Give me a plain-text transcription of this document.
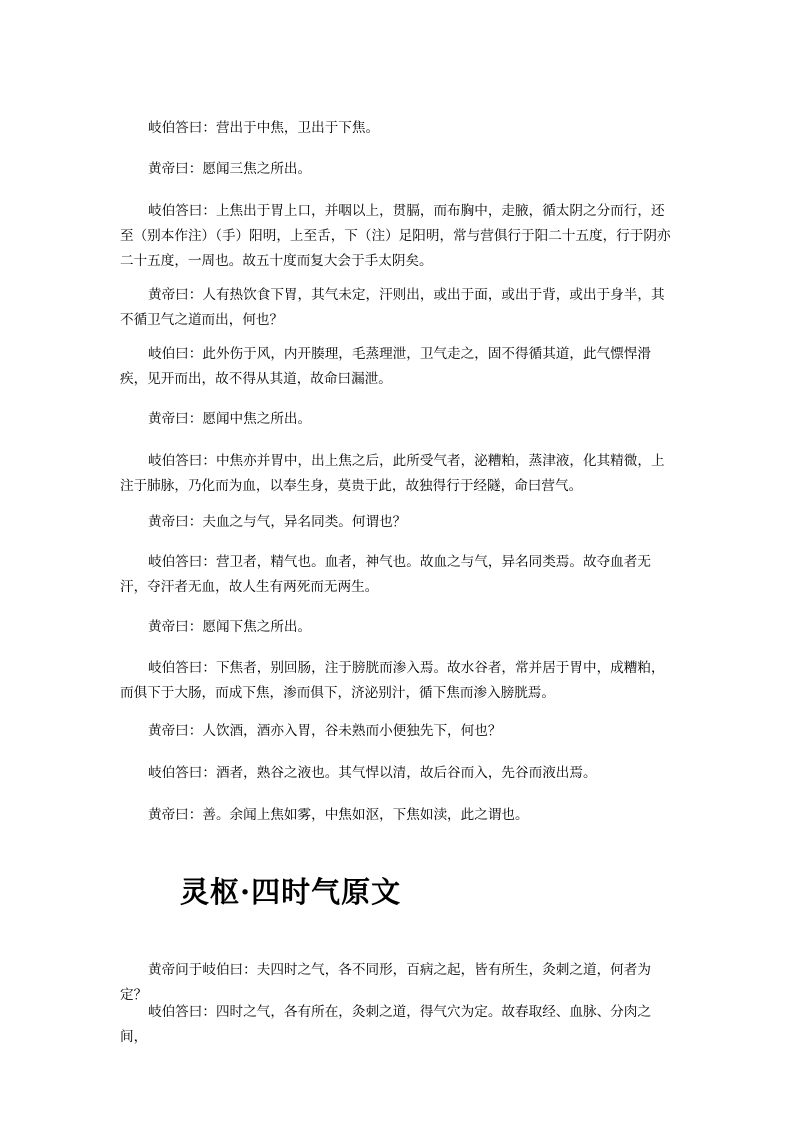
岐伯答曰：营出于中焦，卫出于下焦。

黄帝曰：愿闻三焦之所出。

岐伯答曰：上焦出于胃上口，并咽以上，贯膈，而布胸中，走腋，循太阴之分而行，还至（别本作注）（手）阳明，上至舌，下（注）足阳明，常与营俱行于阳二十五度，行于阴亦二十五度，一周也。故五十度而复大会于手太阴矣。

黄帝曰：人有热饮食下胃，其气未定，汗则出，或出于面，或出于背，或出于身半，其不循卫气之道而出，何也？

岐伯曰：此外伤于风，内开腠理，毛蒸理泄，卫气走之，固不得循其道，此气慓悍滑疾，见开而出，故不得从其道，故命曰漏泄。

黄帝曰：愿闻中焦之所出。

岐伯答曰：中焦亦并胃中，出上焦之后，此所受气者，泌糟粕，蒸津液，化其精微，上注于肺脉，乃化而为血，以奉生身，莫贵于此，故独得行于经隧，命曰营气。

黄帝曰：夫血之与气，异名同类。何谓也？

岐伯答曰：营卫者，精气也。血者，神气也。故血之与气，异名同类焉。故夺血者无汗，夺汗者无血，故人生有两死而无两生。

黄帝曰：愿闻下焦之所出。

岐伯答曰：下焦者，别回肠，注于膀胱而渗入焉。故水谷者，常并居于胃中，成糟粕，而俱下于大肠，而成下焦，渗而俱下，济泌别汁，循下焦而渗入膀胱焉。

黄帝曰：人饮酒，酒亦入胃，谷未熟而小便独先下，何也？

岐伯答曰：酒者，熟谷之液也。其气悍以清，故后谷而入，先谷而液出焉。

黄帝曰：善。余闻上焦如雾，中焦如沤，下焦如渎，此之谓也。

灵枢·四时气原文

黄帝问于岐伯曰：夫四时之气，各不同形，百病之起，皆有所生，灸刺之道，何者为定？

岐伯答曰：四时之气，各有所在，灸刺之道，得气穴为定。故春取经、血脉、分肉之间，
